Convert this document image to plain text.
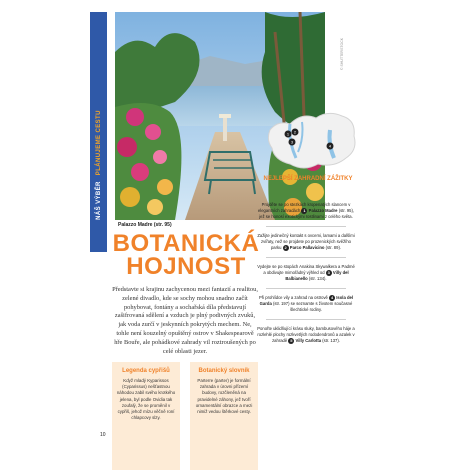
NÁŠ VÝBĚRPLÁNUJEME CESTU
Palazzo Madre (str. 95)
© SHUTTERSTOCK
1 2
3
4
NEJLEPŠÍ ZAHRADNÍ ZÁŽITKY

Projděte se po stezkách kropenatých slancem v elegantních zahradách 1 Palazzo Madre (str. 95), jež se honosí exotickými rostlinami z celého světa.

Zažijte jedinečný kontakt s ovcemi, lamami a dalšími zvířaty, než se projdete po prozenických svěžího parku 2 Parco Pallavicino (str. 89).

Vydejte se po stopách Anakina Skywalkera a Padmé a obdivujte mimořádný výhled od 3 Villy del Balbianello (str. 134).

Při prohlídce vily a zahrad na ostrově 4 Isola del Garda (str. 197) se seznamte s životem současné šlechtické rodiny.

Ponořte uklidňující krásu sluky, bambusového háje a rozlehlé plochy rozkvetlých rododendronů a azalek v zahradě 5 Villy Carlotta (str. 137).

BOTANICKÁ
HOJNOST
Představte si krajinu zachycenou mezi fantazií a realitou, zelené divadlo, kde se sochy mohou snadno začít pohybovat, fontány a sochařská díla představují zašifrovaná sdělení a vzduch je plný podivných zvuků, jak voda zurčí v jeskynních pokrytých mechem. Ne, tohle není kouzelný opuštěný ostrov v Shakespearově hře Bouře, ale pohádkové zahrady vil roztroušených po celé oblasti jezer.
Legenda cypřišů
Když mladý Kyparissos (Cyparissus) nešťastnou náhodou zabil svého krotkého jelena, byl podle Ovidia tak zoufalý, že se proměnil v cypřiš, jehož mízu věčně roní chlapcovy slzy.
Botanický slovník
Parterre (parter) je formální zahrada v úrovni přízemí budovy, rozčleněná na pravidelné záhony, jež tvoří ornamentální obrazce a mezi nimiž vedou štěrkové cesty.
10
